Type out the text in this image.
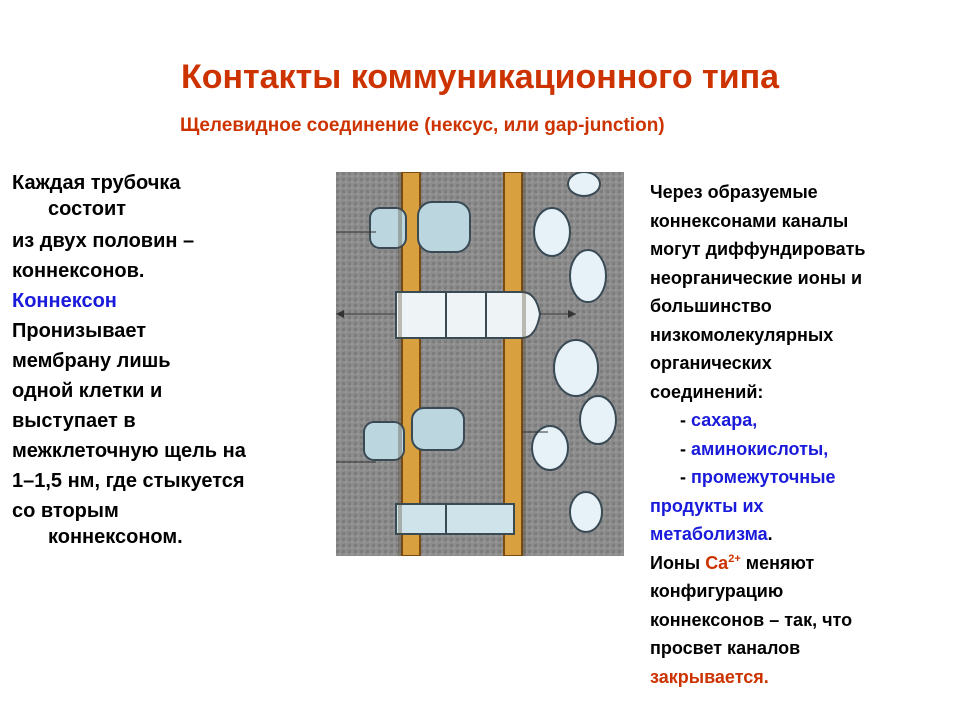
Контакты коммуникационного типа
Щелевидное соединение (нексус, или gap-junction)
Каждая трубочка
состоит
из двух половин –
коннексонов.
Коннексон
Пронизывает
мембрану лишь
одной клетки и
выступает в
межклеточную щель на
1–1,5 нм, где стыкуется
со вторым
коннексоном.
Через образуемые
коннексонами каналы
могут диффундировать
неорганические ионы и
большинство
низкомолекулярных
органических
соединений:
- сахара,
- аминокислоты,
- промежуточные
продукты их
метаболизма.
Ионы $Ca^{2+}$ меняют
конфигурацию
коннексонов – так, что
просвет каналов
закрывается.
